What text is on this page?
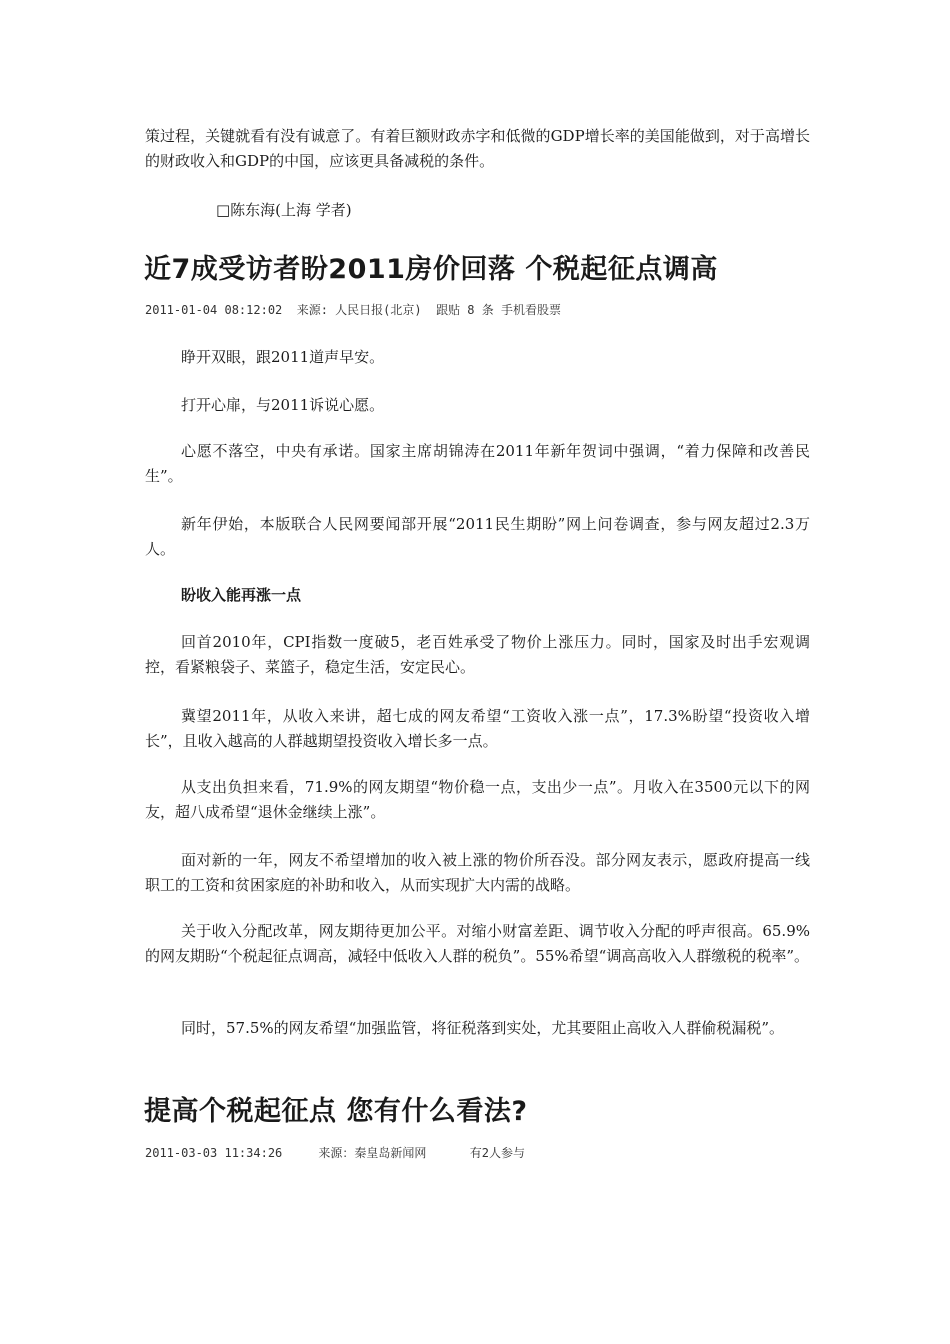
策过程，关键就看有没有诚意了。有着巨额财政赤字和低微的GDP增长率的美国能做到，对于高增长的财政收入和GDP的中国，应该更具备减税的条件。

□陈东海(上海 学者)

近7成受访者盼2011房价回落 个税起征点调高

2011-01-04 08:12:02  来源: 人民日报(北京)  跟贴 8 条 手机看股票

睁开双眼，跟2011道声早安。

打开心扉，与2011诉说心愿。

心愿不落空，中央有承诺。国家主席胡锦涛在2011年新年贺词中强调，“着力保障和改善民生”。

新年伊始，本版联合人民网要闻部开展“2011民生期盼”网上问卷调查，参与网友超过2.3万人。

盼收入能再涨一点

回首2010年，CPI指数一度破5，老百姓承受了物价上涨压力。同时，国家及时出手宏观调控，看紧粮袋子、菜篮子，稳定生活，安定民心。

冀望2011年，从收入来讲，超七成的网友希望“工资收入涨一点”，17.3%盼望“投资收入增长”，且收入越高的人群越期望投资收入增长多一点。

从支出负担来看，71.9%的网友期望“物价稳一点，支出少一点”。月收入在3500元以下的网友，超八成希望“退休金继续上涨”。

面对新的一年，网友不希望增加的收入被上涨的物价所吞没。部分网友表示，愿政府提高一线职工的工资和贫困家庭的补助和收入，从而实现扩大内需的战略。

关于收入分配改革，网友期待更加公平。对缩小财富差距、调节收入分配的呼声很高。65.9%的网友期盼“个税起征点调高，减轻中低收入人群的税负”。55%希望“调高高收入人群缴税的税率”。

同时，57.5%的网友希望“加强监管，将征税落到实处，尤其要阻止高收入人群偷税漏税”。

提高个税起征点 您有什么看法?

2011-03-03 11:34:26     来源：秦皇岛新闻网      有2人参与
